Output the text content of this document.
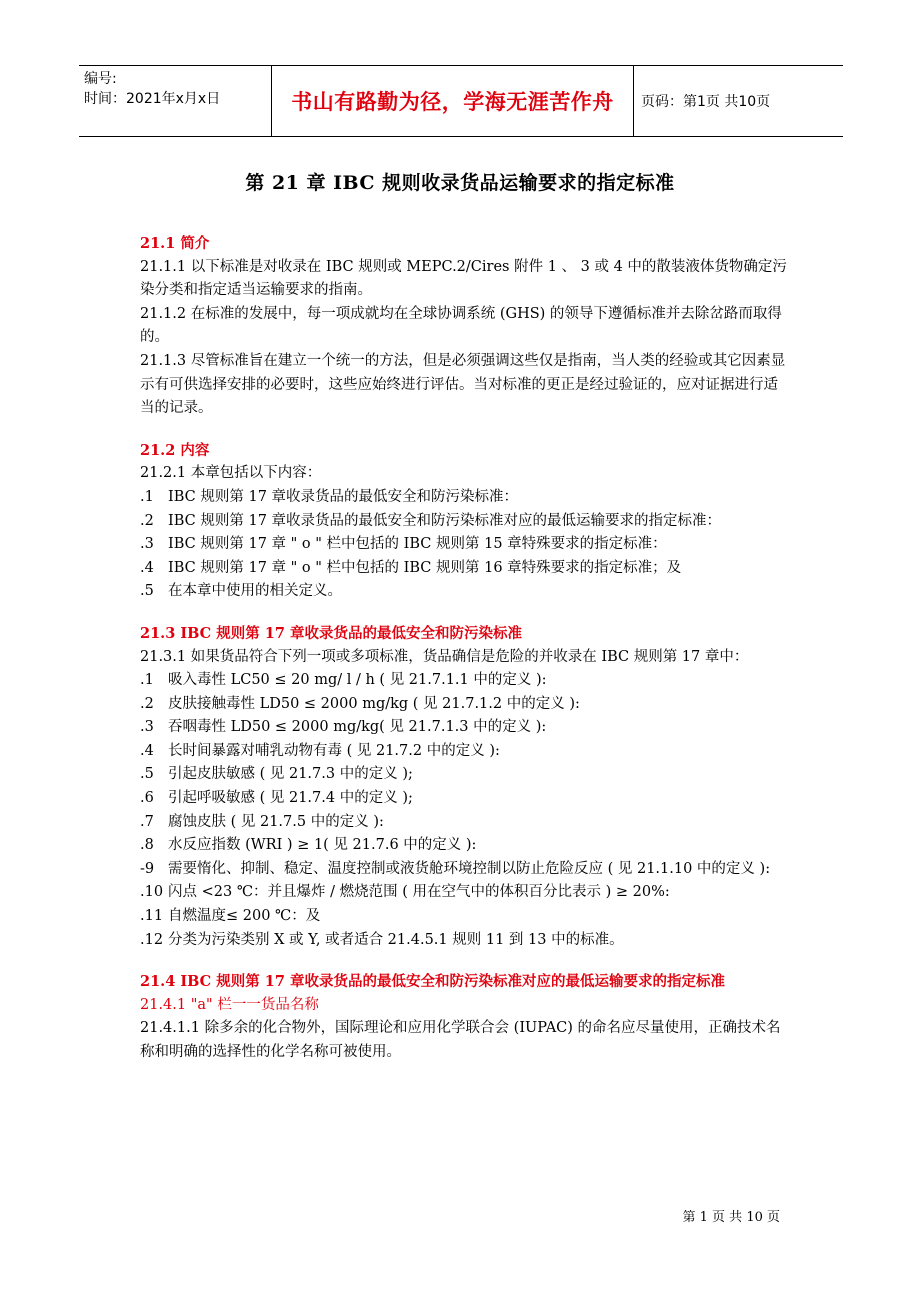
编号:
时间：2021年x月x日	书山有路勤为径，学海无涯苦作舟	页码：第1页 共10页
第 21 章 IBC 规则收录货品运输要求的指定标准

21.1 简介

21.1.1 以下标准是对收录在 IBC 规则或 MEPC.2/Cires 附件 1 、 3 或 4 中的散装液体货物确定污染分类和指定适当运输要求的指南。

21.1.2 在标准的发展中，每一项成就均在全球协调系统 (GHS) 的领导下遵循标准并去除岔路而取得的。

21.1.3 尽管标准旨在建立一个统一的方法，但是必须强调这些仅是指南，当人类的经验或其它因素显示有可供选择安排的必要时，这些应始终进行评估。当对标准的更正是经过验证的，应对证据进行适当的记录。

21.2 内容

21.2.1 本章包括以下内容：

.1 IBC 规则第 17 章收录货品的最低安全和防污染标准：

.2 IBC 规则第 17 章收录货品的最低安全和防污染标准对应的最低运输要求的指定标准：

.3 IBC 规则第 17 章 " o " 栏中包括的 IBC 规则第 15 章特殊要求的指定标准：

.4 IBC 规则第 17 章 " o " 栏中包括的 IBC 规则第 16 章特殊要求的指定标准；及

.5 在本章中使用的相关定义。

21.3 IBC 规则第 17 章收录货品的最低安全和防污染标准

21.3.1 如果货品符合下列一项或多项标准，货品确信是危险的并收录在 IBC 规则第 17 章中：

.1 吸入毒性 LC50 ≤ 20 mg/ l / h ( 见 21.7.1.1 中的定义 ):

.2 皮肤接触毒性 LD50 ≤ 2000 mg/kg ( 见 21.7.1.2 中的定义 ):

.3 吞咽毒性 LD50 ≤ 2000 mg/kg( 见 21.7.1.3 中的定义 ):

.4 长时间暴露对哺乳动物有毒 ( 见 21.7.2 中的定义 ):

.5 引起皮肤敏感 ( 见 21.7.3 中的定义 );

.6 引起呼吸敏感 ( 见 21.7.4 中的定义 );

.7 腐蚀皮肤 ( 见 21.7.5 中的定义 ):

.8 水反应指数 (WRI ) ≥ 1( 见 21.7.6 中的定义 ):

-9 需要惰化、抑制、稳定、温度控制或液货舱环境控制以防止危险反应 ( 见 21.1.10 中的定义 ):

.10 闪点 <23 ℃：并且爆炸 / 燃烧范围 ( 用在空气中的体积百分比表示 ) ≥ 20%:

.11 自燃温度≤ 200 ℃：及

.12 分类为污染类别 X 或 Y, 或者适合 21.4.5.1 规则 11 到 13 中的标准。

21.4 IBC 规则第 17 章收录货品的最低安全和防污染标准对应的最低运输要求的指定标准

21.4.1 "a" 栏一一货品名称

21.4.1.1 除多余的化合物外，国际理论和应用化学联合会 (IUPAC) 的命名应尽量使用，正确技术名称和明确的选择性的化学名称可被使用。

第 1 页 共 10 页
